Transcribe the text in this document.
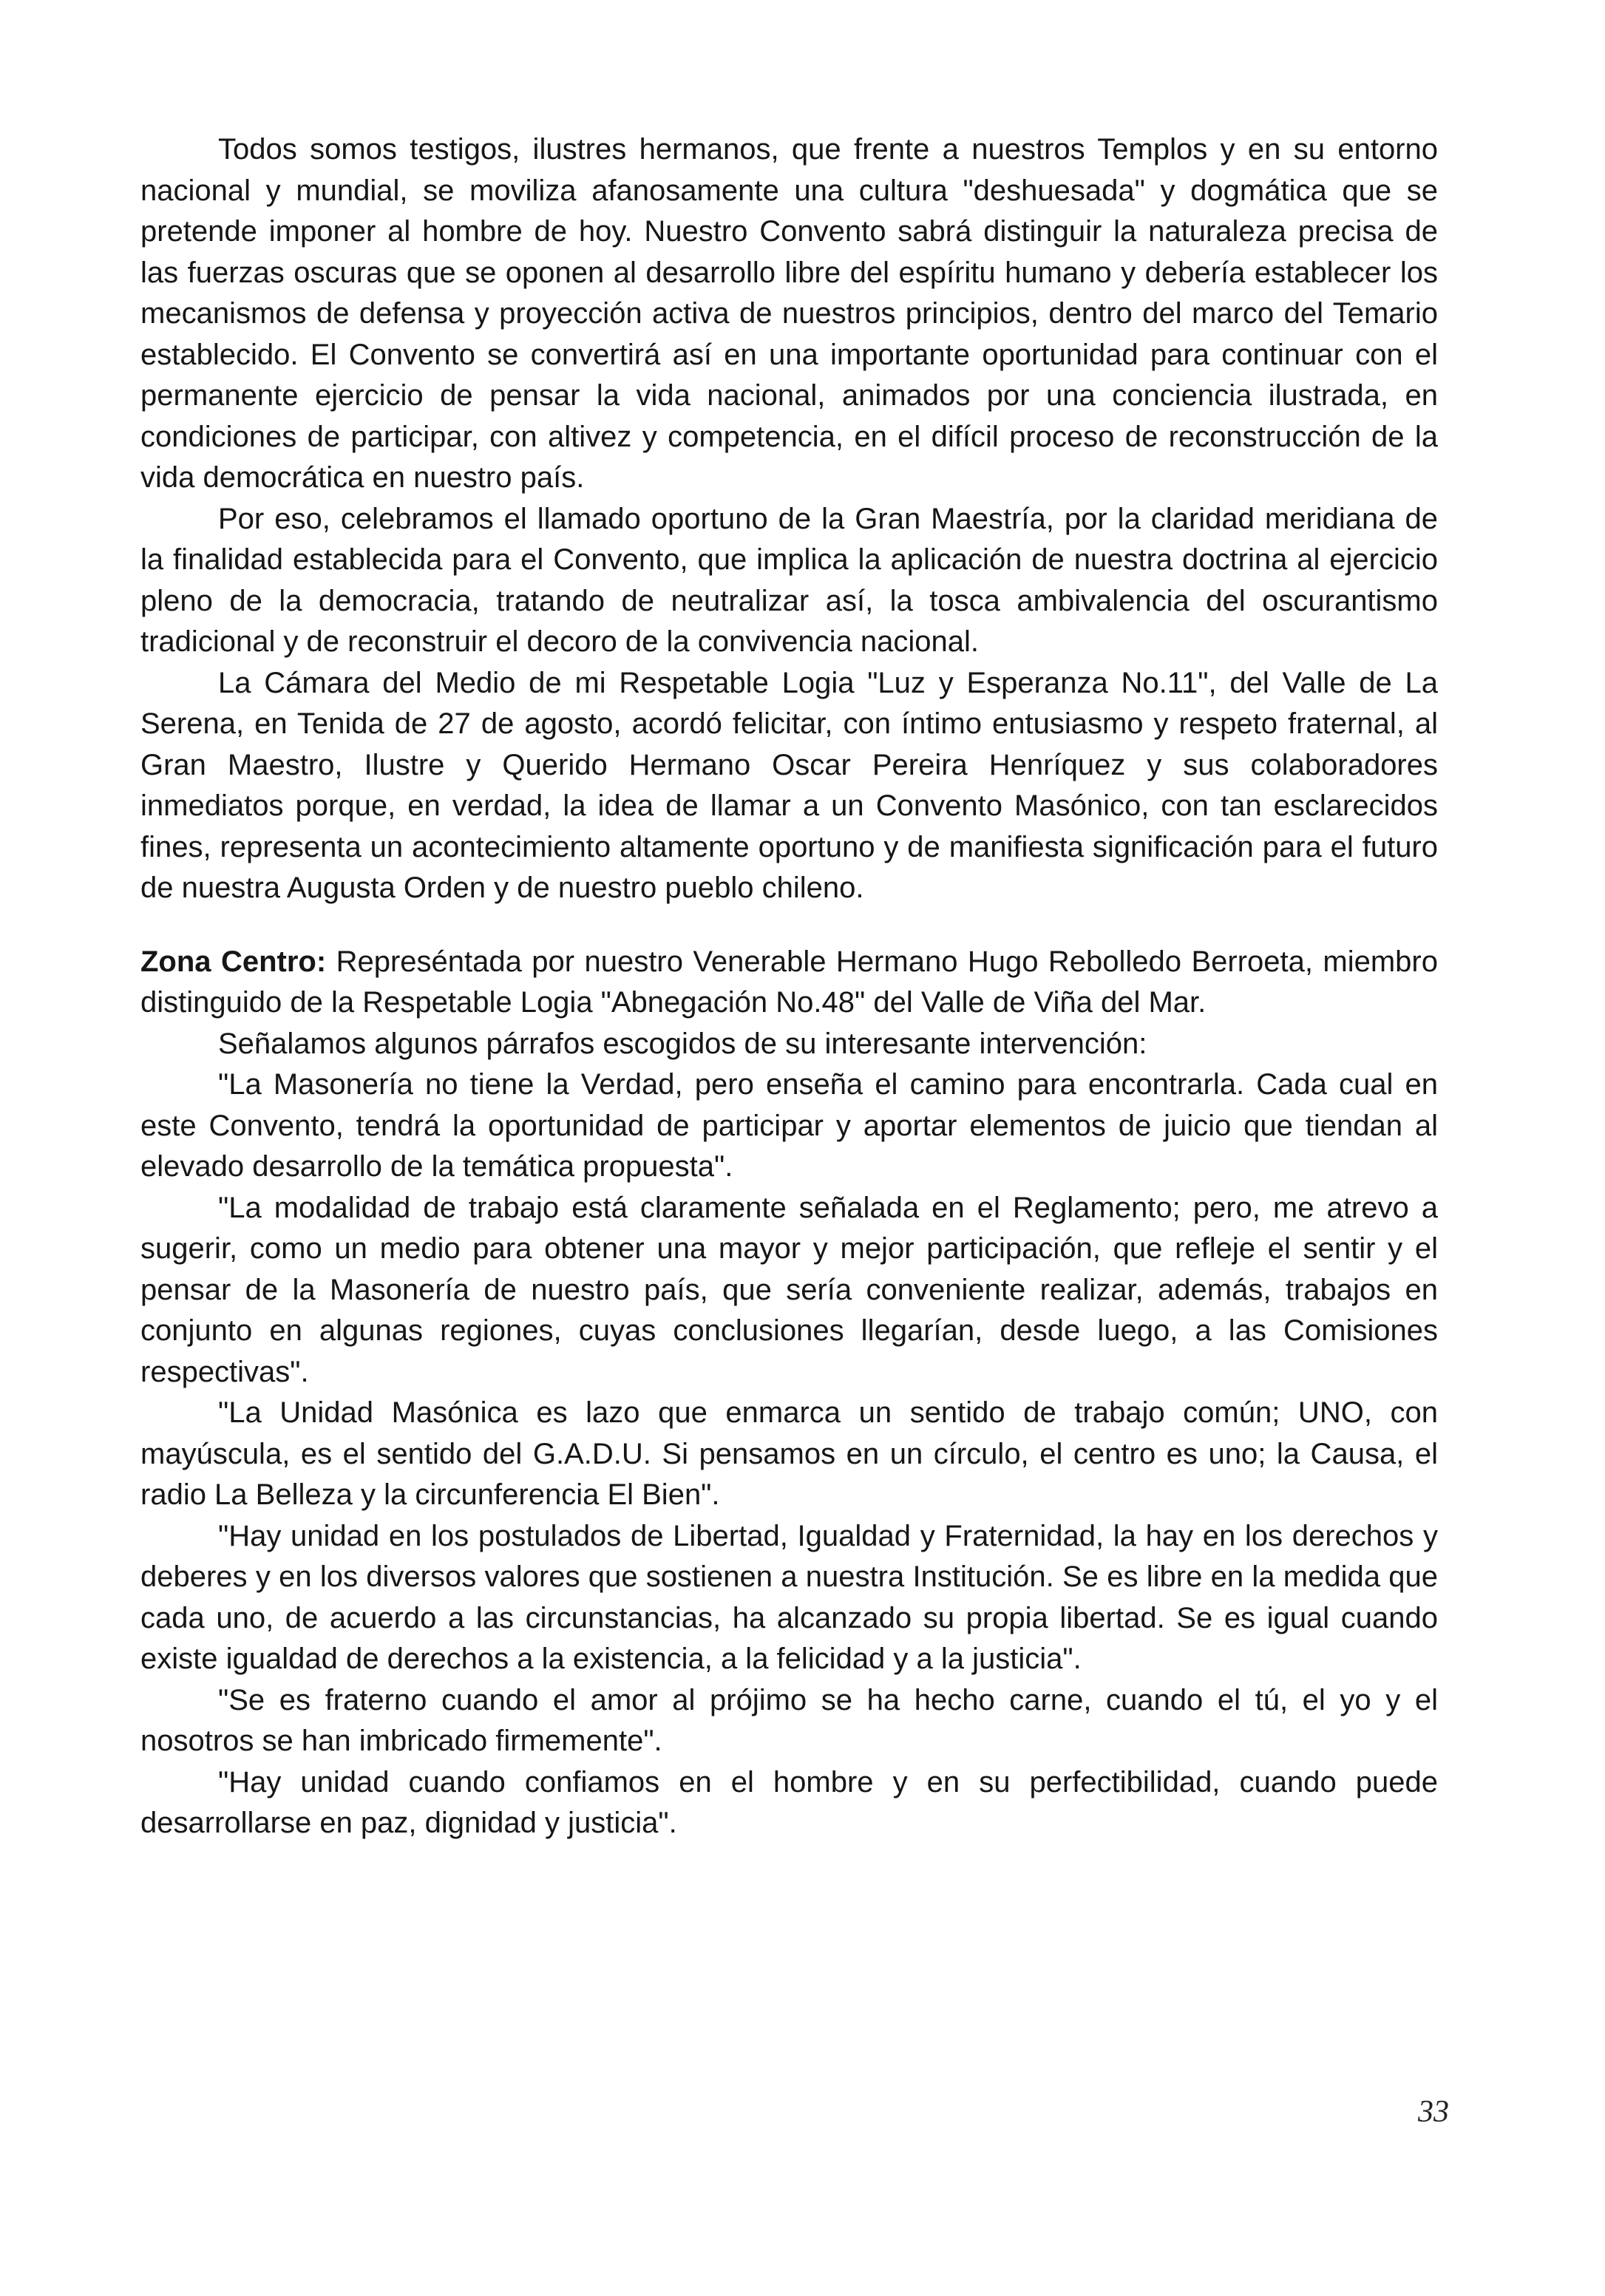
Todos somos testigos, ilustres hermanos, que frente a nuestros Templos y en su entorno nacional y mundial, se moviliza afanosamente una cultura "deshuesada" y dogmática que se pretende imponer al hombre de hoy. Nuestro Convento sabrá distinguir la naturaleza precisa de las fuerzas oscuras que se oponen al desarrollo libre del espíritu humano y debería establecer los mecanismos de defensa y proyección activa de nuestros principios, dentro del marco del Temario establecido. El Convento se convertirá así en una importante oportunidad para continuar con el permanente ejercicio de pensar la vida nacional, animados por una conciencia ilustrada, en condiciones de participar, con altivez y competencia, en el difícil proceso de reconstrucción de la vida democrática en nuestro país.

Por eso, celebramos el llamado oportuno de la Gran Maestría, por la claridad meridiana de la finalidad establecida para el Convento, que implica la aplicación de nuestra doctrina al ejercicio pleno de la democracia, tratando de neutralizar así, la tosca ambivalencia del oscurantismo tradicional y de reconstruir el decoro de la convivencia nacional.

La Cámara del Medio de mi Respetable Logia "Luz y Esperanza No.11", del Valle de La Serena, en Tenida de 27 de agosto, acordó felicitar, con íntimo entusiasmo y respeto fraternal, al Gran Maestro, Ilustre y Querido Hermano Oscar Pereira Henríquez y sus colaboradores inmediatos porque, en verdad, la idea de llamar a un Convento Masónico, con tan esclarecidos fines, representa un acontecimiento altamente oportuno y de manifiesta significación para el futuro de nuestra Augusta Orden y de nuestro pueblo chileno.

Zona Centro: Represéntada por nuestro Venerable Hermano Hugo Rebolledo Berroeta, miembro distinguido de la Respetable Logia "Abnegación No.48" del Valle de Viña del Mar.

Señalamos algunos párrafos escogidos de su interesante intervención:

"La Masonería no tiene la Verdad, pero enseña el camino para encontrarla. Cada cual en este Convento, tendrá la oportunidad de participar y aportar elementos de juicio que tiendan al elevado desarrollo de la temática propuesta".

"La modalidad de trabajo está claramente señalada en el Reglamento; pero, me atrevo a sugerir, como un medio para obtener una mayor y mejor participación, que refleje el sentir y el pensar de la Masonería de nuestro país, que sería conveniente realizar, además, trabajos en conjunto en algunas regiones, cuyas conclusiones llegarían, desde luego, a las Comisiones respectivas".

"La Unidad Masónica es lazo que enmarca un sentido de trabajo común; UNO, con mayúscula, es el sentido del G.A.D.U. Si pensamos en un círculo, el centro es uno; la Causa, el radio La Belleza y la circunferencia El Bien".

"Hay unidad en los postulados de Libertad, Igualdad y Fraternidad, la hay en los derechos y deberes y en los diversos valores que sostienen a nuestra Institución. Se es libre en la medida que cada uno, de acuerdo a las circunstancias, ha alcanzado su propia libertad. Se es igual cuando existe igualdad de derechos a la existencia, a la felicidad y a la justicia".

"Se es fraterno cuando el amor al prójimo se ha hecho carne, cuando el tú, el yo y el nosotros se han imbricado firmemente".

"Hay unidad cuando confiamos en el hombre y en su perfectibilidad, cuando puede desarrollarse en paz, dignidad y justicia".

33
